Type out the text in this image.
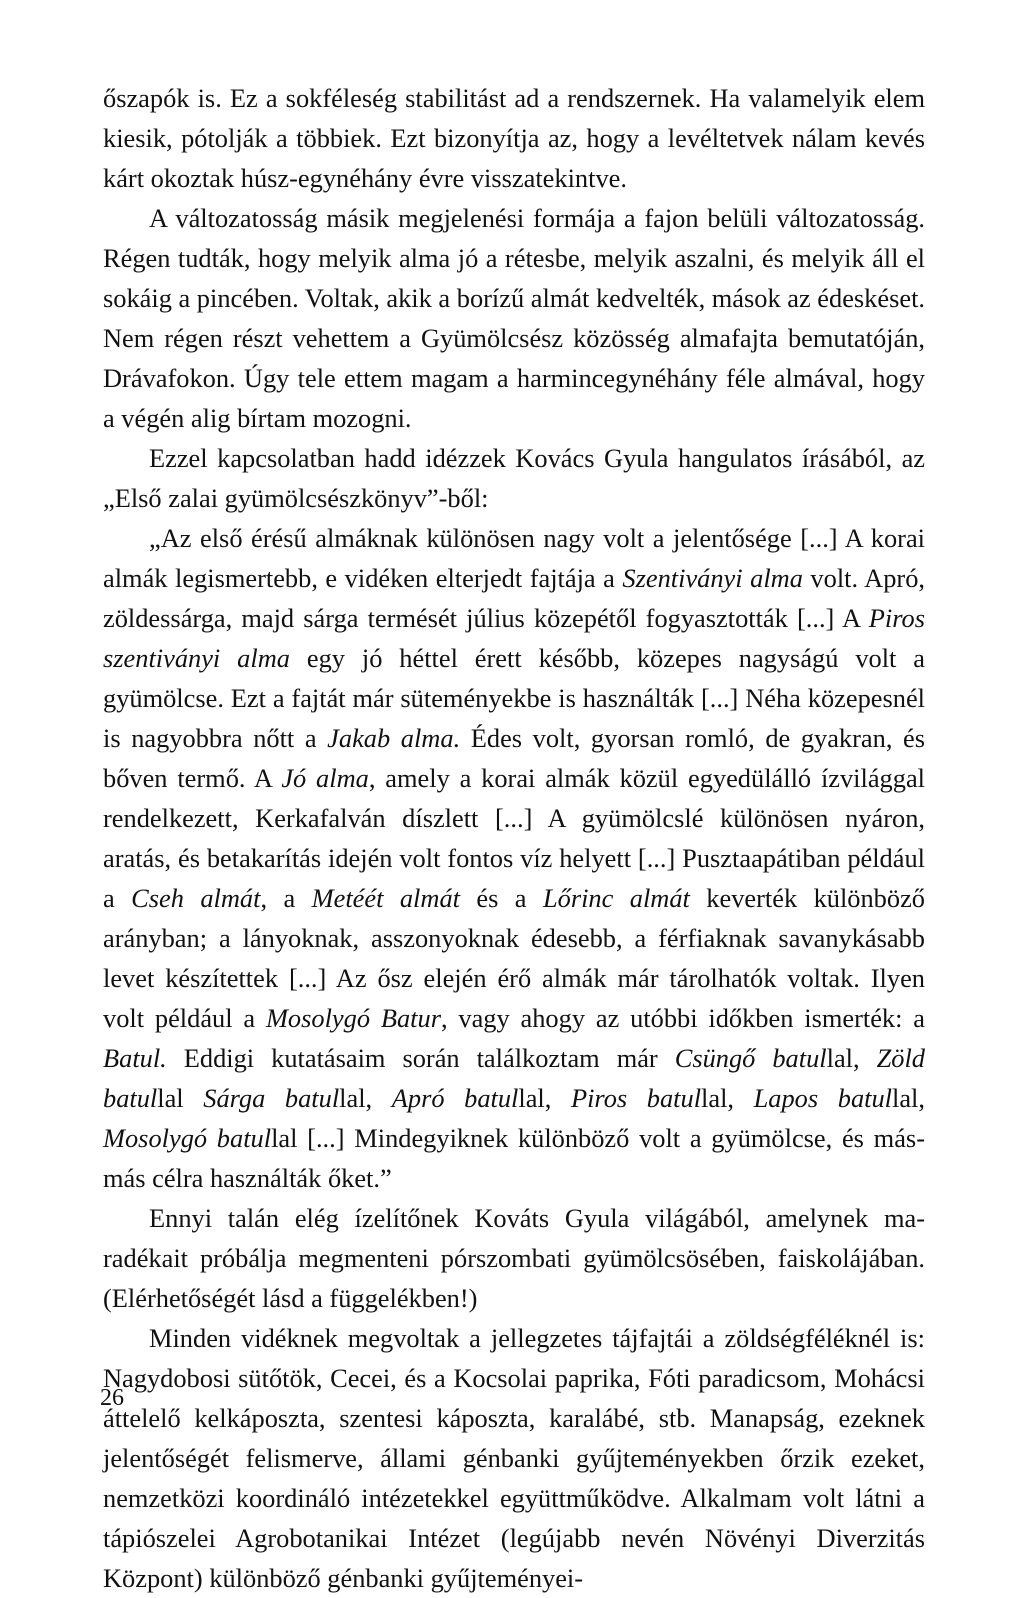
őszapók is. Ez a sokféleség stabilitást ad a rendszernek. Ha valamelyik elem kiesik, pótolják a többiek. Ezt bizonyítja az, hogy a levéltetvek nálam kevés kárt okoztak húsz-egynéhány évre visszatekintve.

A változatosság másik megjelenési formája a fajon belüli változatosság. Régen tudták, hogy melyik alma jó a rétesbe, melyik aszalni, és melyik áll el sokáig a pincében. Voltak, akik a borízű almát kedvelték, mások az édeskéset. Nem régen részt vehettem a Gyümölcsész közösség almafajta bemutatóján, Drávafokon. Úgy tele ettem magam a harmincegynéhány féle almával, hogy a végén alig bírtam mozogni.

Ezzel kapcsolatban hadd idézzek Kovács Gyula hangulatos írásából, az „Első zalai gyümölcsészkönyv”-ből:

„Az első érésű almáknak különösen nagy volt a jelentősége [...] A korai almák legismertebb, e vidéken elterjedt fajtája a Szentiványi alma volt. Apró, zöldessárga, majd sárga termését július közepétől fogyasztották [...] A Piros szentiványi alma egy jó héttel érett később, közepes nagyságú volt a gyümölcse. Ezt a fajtát már süteményekbe is használták [...] Néha közepesnél is nagyobbra nőtt a Jakab alma. Édes volt, gyorsan romló, de gyakran, és bőven termő. A Jó alma, amely a korai almák közül egyedülálló ízvilággal rendelkezett, Kerkafalván díszlett [...] A gyümölcslé különösen nyáron, aratás, és betakarítás idején volt fontos víz helyett [...] Pusztaapátiban például a Cseh almát, a Metéét almát és a Lőrinc almát keverték különböző arányban; a lányoknak, asszonyoknak édesebb, a férfiaknak savanykásabb levet készítettek [...] Az ősz elején érő almák már tárolhatók voltak. Ilyen volt például a Mosolygó Batur, vagy ahogy az utóbbi időkben ismerték: a Batul. Eddigi kutatásaim során találkoztam már Csüngő batullal, Zöld batullal Sárga batullal, Apró batullal, Piros batullal, Lapos batullal, Mosolygó batullal [...] Mindegyiknek különböző volt a gyümölcse, és más-más célra használták őket.”

Ennyi talán elég ízelítőnek Kováts Gyula világából, amelynek maradékait próbálja megmenteni pórszombati gyümölcsösében, faiskolájában. (Elérhetőségét lásd a függelékben!)

Minden vidéknek megvoltak a jellegzetes tájfajtái a zöldségféléknél is: Nagydobosi sütőtök, Cecei, és a Kocsolai paprika, Fóti paradicsom, Mohácsi áttelelő kelkáposzta, szentesi káposzta, karalábé, stb. Manapság, ezeknek jelentőségét felismerve, állami génbanki gyűjteményekben őrzik ezeket, nemzetközi koordináló intézetekkel együttműködve. Alkalmam volt látni a tápiószelei Agrobotanikai Intézet (legújabb nevén Növényi Diverzitás Központ) különböző génbanki gyűjteményei-

26
